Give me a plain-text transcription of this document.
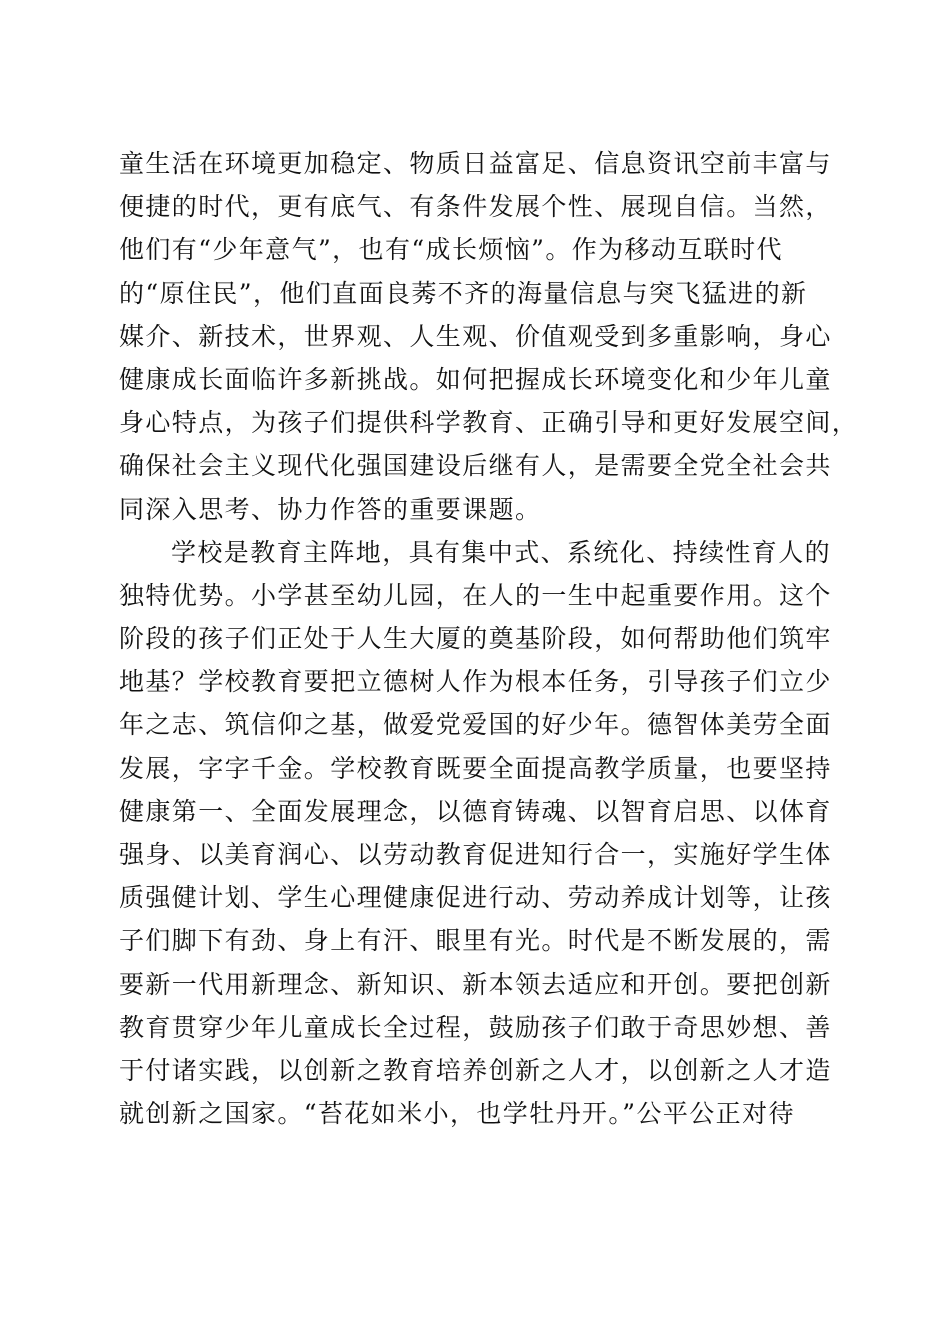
童生活在环境更加稳定、物质日益富足、信息资讯空前丰富与
便捷的时代，更有底气、有条件发展个性、展现自信。当然，
他们有“少年意气”，也有“成长烦恼”。作为移动互联时代
的“原住民”，他们直面良莠不齐的海量信息与突飞猛进的新
媒介、新技术，世界观、人生观、价值观受到多重影响，身心
健康成长面临许多新挑战。如何把握成长环境变化和少年儿童
身心特点，为孩子们提供科学教育、正确引导和更好发展空间，
确保社会主义现代化强国建设后继有人，是需要全党全社会共
同深入思考、协力作答的重要课题。
学校是教育主阵地，具有集中式、系统化、持续性育人的
独特优势。小学甚至幼儿园，在人的一生中起重要作用。这个
阶段的孩子们正处于人生大厦的奠基阶段，如何帮助他们筑牢
地基？学校教育要把立德树人作为根本任务，引导孩子们立少
年之志、筑信仰之基，做爱党爱国的好少年。德智体美劳全面
发展，字字千金。学校教育既要全面提高教学质量，也要坚持
健康第一、全面发展理念，以德育铸魂、以智育启思、以体育
强身、以美育润心、以劳动教育促进知行合一，实施好学生体
质强健计划、学生心理健康促进行动、劳动养成计划等，让孩
子们脚下有劲、身上有汗、眼里有光。时代是不断发展的，需
要新一代用新理念、新知识、新本领去适应和开创。要把创新
教育贯穿少年儿童成长全过程，鼓励孩子们敢于奇思妙想、善
于付诸实践，以创新之教育培养创新之人才，以创新之人才造
就创新之国家。“苔花如米小，也学牡丹开。”公平公正对待
